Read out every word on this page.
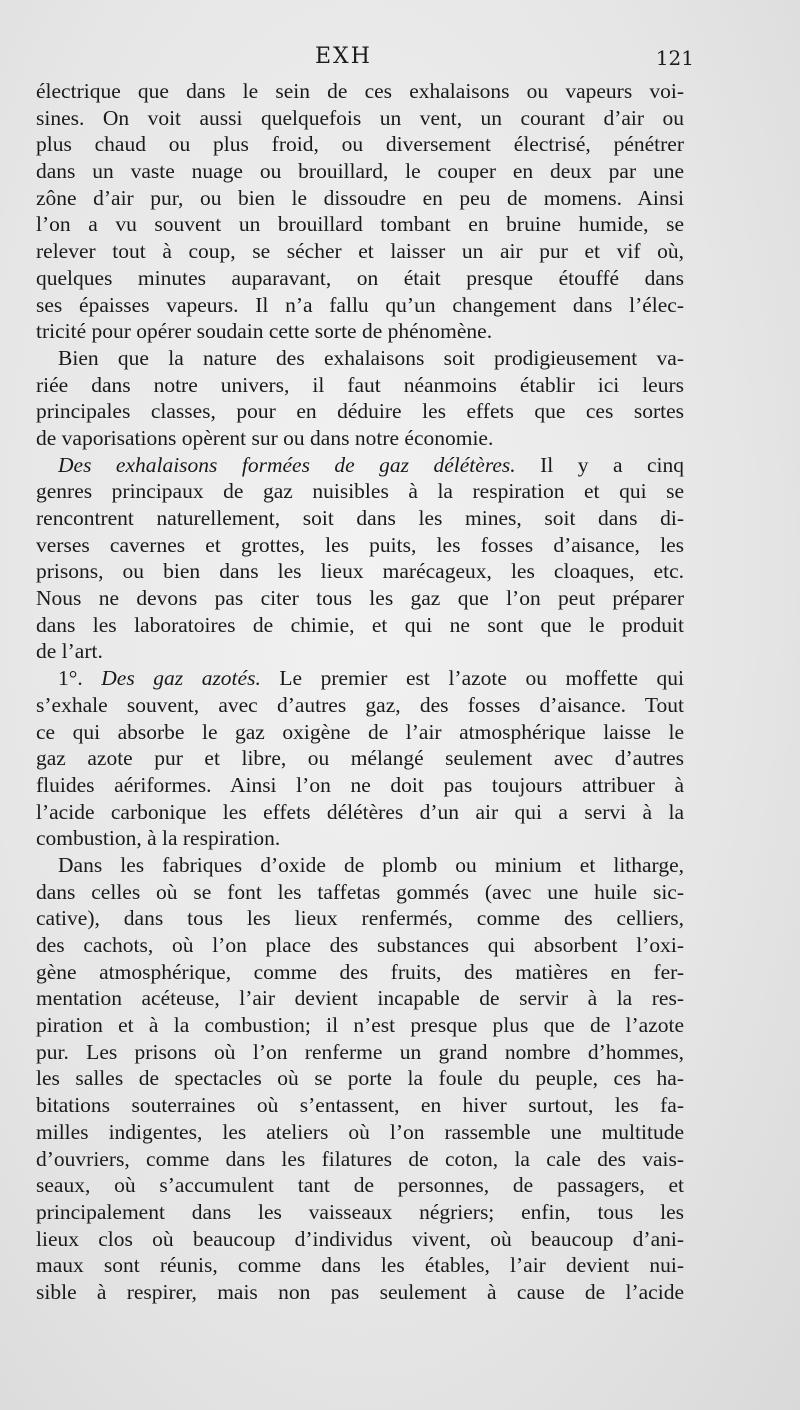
EXH	121
électrique que dans le sein de ces exhalaisons ou vapeurs voi-
sines. On voit aussi quelquefois un vent, un courant d’air ou
plus chaud ou plus froid, ou diversement électrisé, pénétrer
dans un vaste nuage ou brouillard, le couper en deux par une
zône d’air pur, ou bien le dissoudre en peu de momens. Ainsi
l’on a vu souvent un brouillard tombant en bruine humide, se
relever tout à coup, se sécher et laisser un air pur et vif où,
quelques minutes auparavant, on était presque étouffé dans
ses épaisses vapeurs. Il n’a fallu qu’un changement dans l’élec-
tricité pour opérer soudain cette sorte de phénomène.
Bien que la nature des exhalaisons soit prodigieusement va-
riée dans notre univers, il faut néanmoins établir ici leurs
principales classes, pour en déduire les effets que ces sortes
de vaporisations opèrent sur ou dans notre économie.
Des exhalaisons formées de gaz délétères. Il y a cinq
genres principaux de gaz nuisibles à la respiration et qui se
rencontrent naturellement, soit dans les mines, soit dans di-
verses cavernes et grottes, les puits, les fosses d’aisance, les
prisons, ou bien dans les lieux marécageux, les cloaques, etc.
Nous ne devons pas citer tous les gaz que l’on peut préparer
dans les laboratoires de chimie, et qui ne sont que le produit
de l’art.
1°. Des gaz azotés. Le premier est l’azote ou moffette qui
s’exhale souvent, avec d’autres gaz, des fosses d’aisance. Tout
ce qui absorbe le gaz oxigène de l’air atmosphérique laisse le
gaz azote pur et libre, ou mélangé seulement avec d’autres
fluides aériformes. Ainsi l’on ne doit pas toujours attribuer à
l’acide carbonique les effets délétères d’un air qui a servi à la
combustion, à la respiration.
Dans les fabriques d’oxide de plomb ou minium et litharge,
dans celles où se font les taffetas gommés (avec une huile sic-
cative), dans tous les lieux renfermés, comme des celliers,
des cachots, où l’on place des substances qui absorbent l’oxi-
gène atmosphérique, comme des fruits, des matières en fer-
mentation acéteuse, l’air devient incapable de servir à la res-
piration et à la combustion; il n’est presque plus que de l’azote
pur. Les prisons où l’on renferme un grand nombre d’hommes,
les salles de spectacles où se porte la foule du peuple, ces ha-
bitations souterraines où s’entassent, en hiver surtout, les fa-
milles indigentes, les ateliers où l’on rassemble une multitude
d’ouvriers, comme dans les filatures de coton, la cale des vais-
seaux, où s’accumulent tant de personnes, de passagers, et
principalement dans les vaisseaux négriers; enfin, tous les
lieux clos où beaucoup d’individus vivent, où beaucoup d’ani-
maux sont réunis, comme dans les étables, l’air devient nui-
sible à respirer, mais non pas seulement à cause de l’acide
